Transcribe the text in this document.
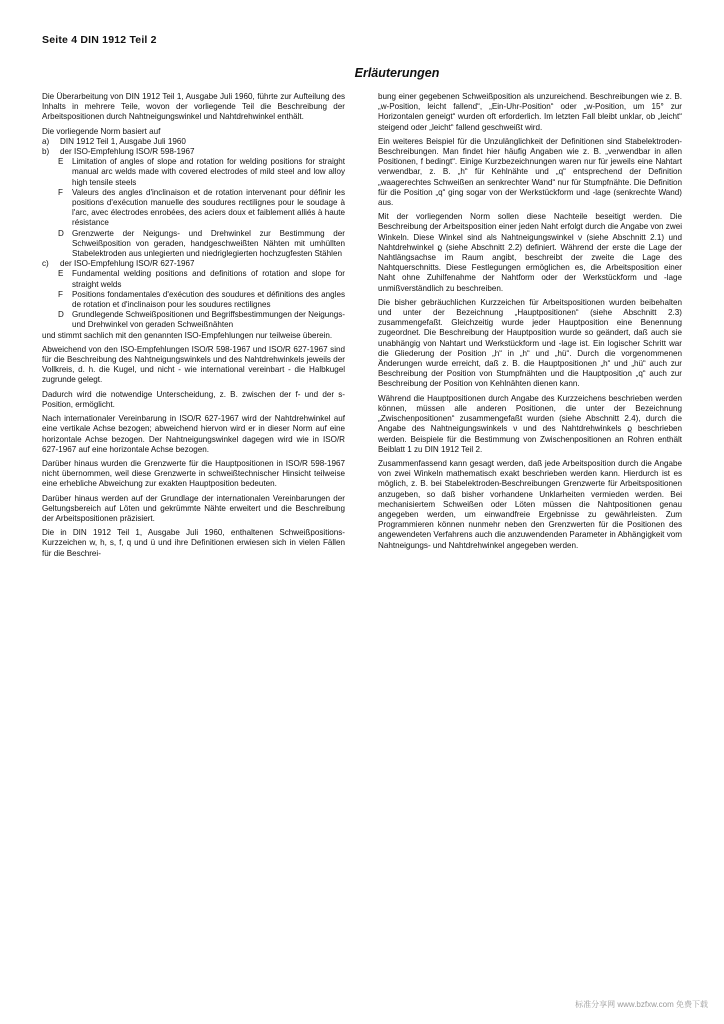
Seite 4 DIN 1912 Teil 2
Erläuterungen

Die Überarbeitung von DIN 1912 Teil 1, Ausgabe Juli 1960, führte zur Aufteilung des Inhalts in mehrere Teile, wovon der vorliegende Teil die Beschreibung der Arbeitspositionen durch Nahtneigungswinkel und Nahtdrehwinkel enthält.

Die vorliegende Norm basiert auf

a) DIN 1912 Teil 1, Ausgabe Juli 1960
b) der ISO-Empfehlung ISO/R 598-1967
E Limitation of angles of slope and rotation for welding positions for straight manual arc welds made with covered electrodes of mild steel and low alloy high tensile steels
F Valeurs des angles d'inclinaison et de rotation intervenant pour définir les positions d'exécution manuelle des soudures rectilignes pour le soudage à l'arc, avec électrodes enrobées, des aciers doux et faiblement alliés à haute résistance
D Grenzwerte der Neigungs- und Drehwinkel zur Bestimmung der Schweißposition von geraden, handgeschweißten Nähten mit umhüllten Stabelektroden aus unlegierten und niedriglegierten hochzugfesten Stählen
c) der ISO-Empfehlung ISO/R 627-1967
E Fundamental welding positions and definitions of rotation and slope for straight welds
F Positions fondamentales d'exécution des soudures et définitions des angles de rotation et d'inclinaison pour les soudures rectilignes
D Grundlegende Schweißpositionen und Begriffsbestimmungen der Neigungs- und Drehwinkel von geraden Schweißnähten

und stimmt sachlich mit den genannten ISO-Empfehlungen nur teilweise überein.

Abweichend von den ISO-Empfehlungen ISO/R 598-1967 und ISO/R 627-1967 sind für die Beschreibung des Nahtneigungswinkels und des Nahtdrehwinkels jeweils der Vollkreis, d. h. die Kugel, und nicht - wie international vereinbart - die Halbkugel zugrunde gelegt.

Dadurch wird die notwendige Unterscheidung, z. B. zwischen der f- und der s-Position, ermöglicht.

Nach internationaler Vereinbarung in ISO/R 627-1967 wird der Nahtdrehwinkel auf eine vertikale Achse bezogen; abweichend hiervon wird er in dieser Norm auf eine horizontale Achse bezogen. Der Nahtneigungswinkel dagegen wird wie in ISO/R 627-1967 auf eine horizontale Achse bezogen.

Darüber hinaus wurden die Grenzwerte für die Hauptpositionen in ISO/R 598-1967 nicht übernommen, weil diese Grenzwerte in schweißtechnischer Hinsicht teilweise eine erhebliche Abweichung zur exakten Hauptposition bedeuten.

Darüber hinaus werden auf der Grundlage der internationalen Vereinbarungen der Geltungsbereich auf Löten und gekrümmte Nähte erweitert und die Beschreibung der Arbeitspositionen präzisiert.

Die in DIN 1912 Teil 1, Ausgabe Juli 1960, enthaltenen Schweißpositions-Kurzzeichen w, h, s, f, q und ü und ihre Definitionen erwiesen sich in vielen Fällen für die Beschrei-

bung einer gegebenen Schweißposition als unzureichend. Beschreibungen wie z. B. „w-Position, leicht fallend“, „Ein-Uhr-Position“ oder „w-Position, um 15° zur Horizontalen geneigt“ wurden oft erforderlich. Im letzten Fall bleibt unklar, ob „leicht“ steigend oder „leicht“ fallend geschweißt wird.

Ein weiteres Beispiel für die Unzulänglichkeit der Definitionen sind Stabelektroden-Beschreibungen. Man findet hier häufig Angaben wie z. B. „verwendbar in allen Positionen, f bedingt“. Einige Kurzbezeichnungen waren nur für jeweils eine Nahtart verwendbar, z. B. „h“ für Kehlnähte und „q“ entsprechend der Definition „waagerechtes Schweißen an senkrechter Wand“ nur für Stumpfnähte. Die Definition für die Position „q“ ging sogar von der Werkstückform und -lage (senkrechte Wand) aus.

Mit der vorliegenden Norm sollen diese Nachteile beseitigt werden. Die Beschreibung der Arbeitsposition einer jeden Naht erfolgt durch die Angabe von zwei Winkeln. Diese Winkel sind als Nahtneigungswinkel ν (siehe Abschnitt 2.1) und Nahtdrehwinkel ϱ (siehe Abschnitt 2.2) definiert. Während der erste die Lage der Nahtlängsachse im Raum angibt, beschreibt der zweite die Lage des Nahtquerschnitts. Diese Festlegungen ermöglichen es, die Arbeitsposition einer Naht ohne Zuhilfenahme der Nahtform oder der Werkstückform und -lage unmißverständlich zu beschreiben.

Die bisher gebräuchlichen Kurzzeichen für Arbeitspositionen wurden beibehalten und unter der Bezeichnung „Hauptpositionen“ (siehe Abschnitt 2.3) zusammengefaßt. Gleichzeitig wurde jeder Hauptposition eine Benennung zugeordnet. Die Beschreibung der Hauptposition wurde so geändert, daß auch sie unabhängig von Nahtart und Werkstückform und -lage ist. Ein logischer Schritt war die Gliederung der Position „h“ in „h“ und „hü“. Durch die vorgenommenen Änderungen wurde erreicht, daß z. B. die Hauptpositionen „h“ und „hü“ auch zur Beschreibung der Position von Stumpfnähten und die Hauptposition „q“ auch zur Beschreibung der Position von Kehlnähten dienen kann.

Während die Hauptpositionen durch Angabe des Kurzzeichens beschrieben werden können, müssen alle anderen Positionen, die unter der Bezeichnung „Zwischenpositionen“ zusammengefaßt wurden (siehe Abschnitt 2.4), durch die Angabe des Nahtneigungswinkels ν und des Nahtdrehwinkels ϱ beschrieben werden. Beispiele für die Bestimmung von Zwischenpositionen an Rohren enthält Beiblatt 1 zu DIN 1912 Teil 2.

Zusammenfassend kann gesagt werden, daß jede Arbeitsposition durch die Angabe von zwei Winkeln mathematisch exakt beschrieben werden kann. Hierdurch ist es möglich, z. B. bei Stabelektroden-Beschreibungen Grenzwerte für Arbeitspositionen anzugeben, so daß bisher vorhandene Unklarheiten vermieden werden. Bei mechanisiertem Schweißen oder Löten müssen die Nahtpositionen genau angegeben werden, um einwandfreie Ergebnisse zu gewährleisten. Zum Programmieren können nunmehr neben den Grenzwerten für die Positionen des angewendeten Verfahrens auch die anzuwendenden Parameter in Abhängigkeit vom Nahtneigungs- und Nahtdrehwinkel angegeben werden.

标准分享网 www.bzfxw.com 免费下载
